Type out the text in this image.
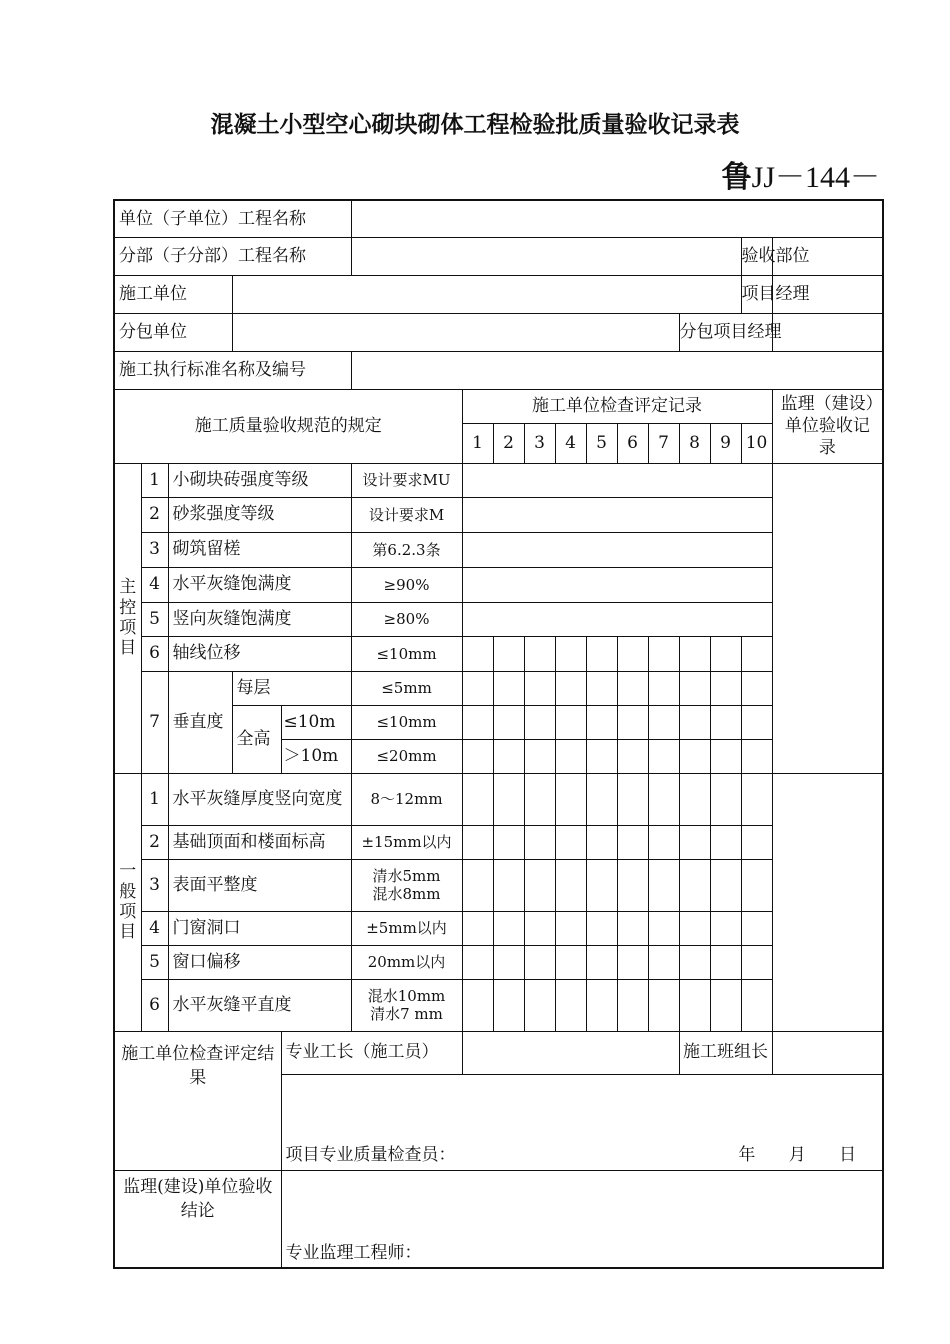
混凝土小型空心砌块砌体工程检验批质量验收记录表
鲁JJ－144－
单位（子单位）工程名称																
分部（子分部）工程名称															验收部位	
施工单位															项目经理	
分包单位													分包项目经理			
施工执行标准名称及编号																
施工质量验收规范的规定						施工单位检查评定记录										监理（建设）单位验收记录
						1	2	3	4	5	6	7	8	9	10	
主
控
项
目	1	小砌块砖强度等级			设计要求MU											
	2	砂浆强度等级			设计要求M											
	3	砌筑留槎			第6.2.3条											
	4	水平灰缝饱满度			≥90%											
	5	竖向灰缝饱满度			≥80%											
	6	轴线位移			≤10mm											
	7	垂直度	每层		≤5mm											
			全高	≤10m	≤10mm											
				＞10m	≤20mm											
一
般
项
目	1	水平灰缝厚度竖向宽度			8～12mm											
	2	基础顶面和楼面标高			±15mm以内											
	3	表面平整度			清水5mm
混水8mm											
	4	门窗洞口			±5mm以内											
	5	窗口偏移			20mm以内											
	6	水平灰缝平直度			混水10mm
清水7 mm											
施工单位检查评定结果				专业工长（施工员）									施工班组长			
				项目专业质量检查员： 年 月 日												

监理(建设)单位验收结论				专业监理工程师：												
